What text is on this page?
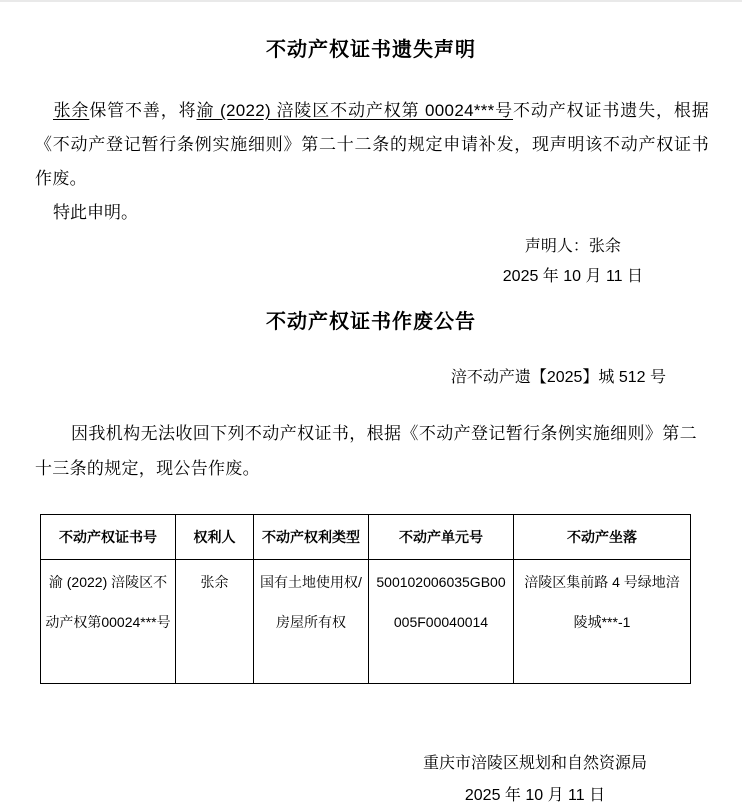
不动产权证书遗失声明

张余保管不善，将渝 (2022) 涪陵区不动产权第 00024***号不动产权证书遗失，根据《不动产登记暂行条例实施细则》第二十二条的规定申请补发，现声明该不动产权证书作废。

特此申明。

声明人：张余
2025 年 10 月 11 日
不动产权证书作废公告
涪不动产遗【2025】城 512 号

因我机构无法收回下列不动产权证书，根据《不动产登记暂行条例实施细则》第二十三条的规定，现公告作废。

不动产权证书号	权利人	不动产权利类型	不动产单元号	不动产坐落
渝 (2022) 涪陵区不动产权第00024***号	张余	国有土地使用权/房屋所有权	500102006035GB00005F00040014	涪陵区集前路 4 号绿地涪陵城***-1
重庆市涪陵区规划和自然资源局
2025 年 10 月 11 日
